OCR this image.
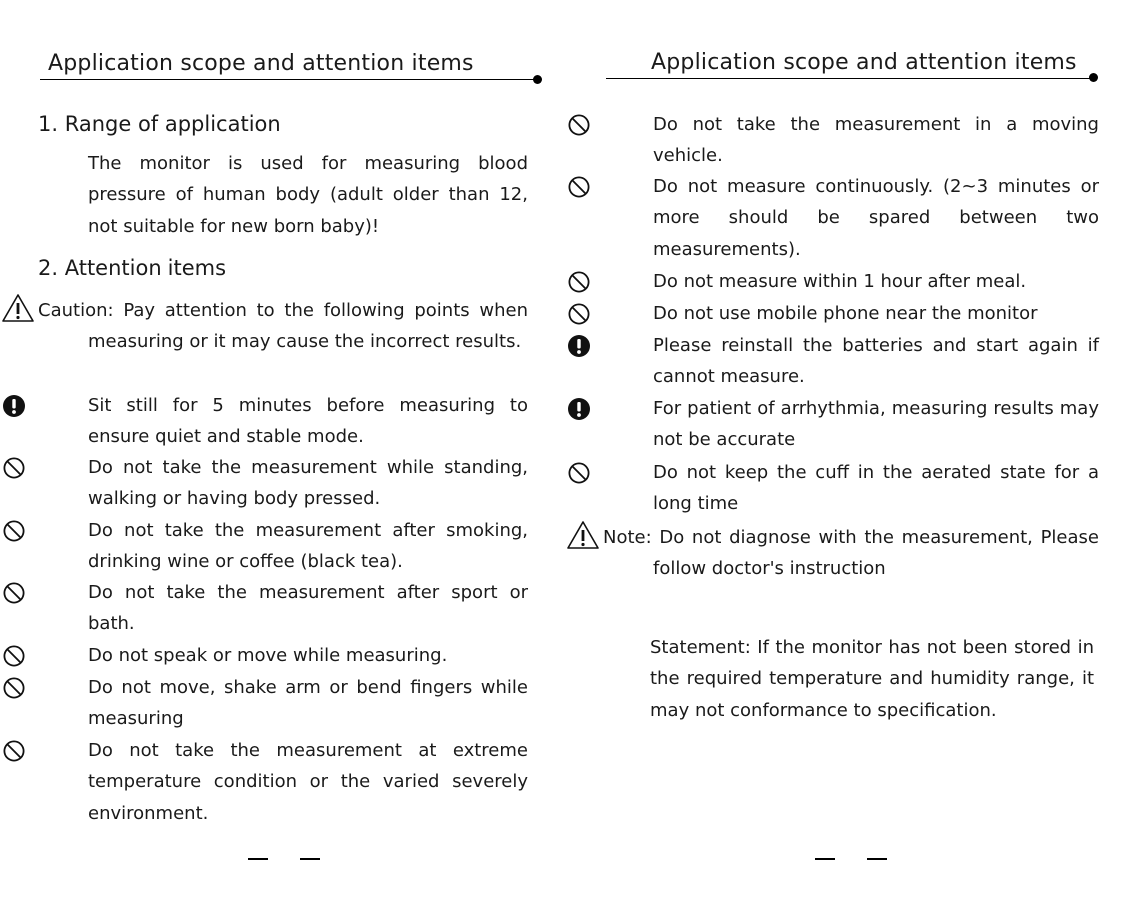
Application scope and attention items
1. Range of application
The monitor is used for measuring blood pressure of human body (adult older than 12, not suitable for new born baby)!
2. Attention items
Caution: Pay attention to the following points when measuring or it may cause the incorrect results.
Sit still for 5 minutes before measuring to ensure quiet and stable mode.
Do not take the measurement while standing, walking or having body pressed.
Do not take the measurement after smoking, drinking wine or coffee (black tea).
Do not take the measurement after sport or bath.
Do not speak or move while measuring.
Do not move, shake arm or bend fingers while measuring
Do not take the measurement at extreme temperature condition or the varied severely environment.
Application scope and attention items
Do not take the measurement in a moving vehicle.
Do not measure continuously. (2~3 minutes or more should be spared between two measurements).
Do not measure within 1 hour after meal.
Do not use mobile phone near the monitor
Please reinstall the batteries and start again if cannot measure.
For patient of arrhythmia, measuring results may not be accurate
Do not keep the cuff in the aerated state for a long time
Note: Do not diagnose with the measurement, Please follow doctor's instruction
Statement: If the monitor has not been stored in the required temperature and humidity range, it may not conformance to specification.
